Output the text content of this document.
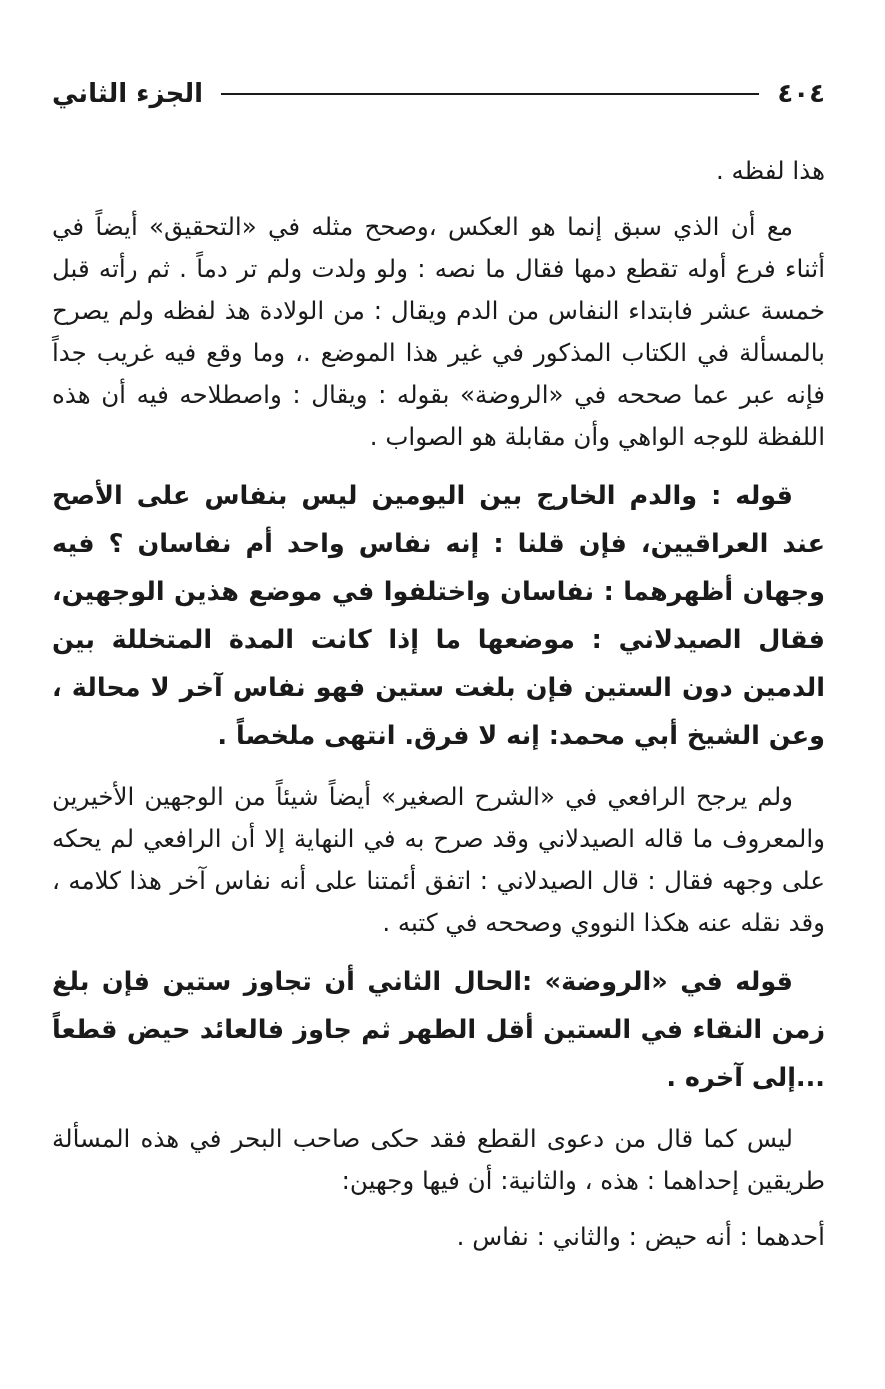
٤٠٤
الجزء الثاني

هذا لفظه .

مع أن الذي سبق إنما هو العكس ،وصحح مثله في «التحقيق» أيضاً في أثناء فرع أوله تقطع دمها فقال ما نصه : ولو ولدت ولم تر دماً . ثم رأته قبل خمسة عشر فابتداء النفاس من الدم ويقال : من الولادة هذ لفظه ولم يصرح بالمسألة في الكتاب المذكور في غير هذا الموضع .، وما وقع فيه غريب جداً فإنه عبر عما صححه في «الروضة» بقوله : ويقال : واصطلاحه فيه أن هذه اللفظة للوجه الواهي وأن مقابلة هو الصواب .

قوله : والدم الخارج بين اليومين ليس بنفاس على الأصح عند العراقيين، فإن قلنا : إنه نفاس واحد أم نفاسان ؟ فيه وجهان أظهرهما : نفاسان واختلفوا في موضع هذين الوجهين، فقال الصيدلاني : موضعها ما إذا كانت المدة المتخللة بين الدمين دون الستين فإن بلغت ستين فهو نفاس آخر لا محالة ، وعن الشيخ أبي محمد: إنه لا فرق. انتهى ملخصاً .

ولم يرجح الرافعي في «الشرح الصغير» أيضاً شيئاً من الوجهين الأخيرين والمعروف ما قاله الصيدلاني وقد صرح به في النهاية إلا أن الرافعي لم يحكه على وجهه فقال : قال الصيدلاني : اتفق أئمتنا على أنه نفاس آخر هذا كلامه ، وقد نقله عنه هكذا النووي وصححه في كتبه .

قوله في «الروضة» :الحال الثاني أن تجاوز ستين فإن بلغ زمن النقاء في الستين أقل الطهر ثم جاوز فالعائد حيض قطعاً ...إلى آخره .

ليس كما قال من دعوى القطع فقد حكى صاحب البحر في هذه المسألة طريقين إحداهما : هذه ، والثانية: أن فيها وجهين:

أحدهما : أنه حيض : والثاني : نفاس .
